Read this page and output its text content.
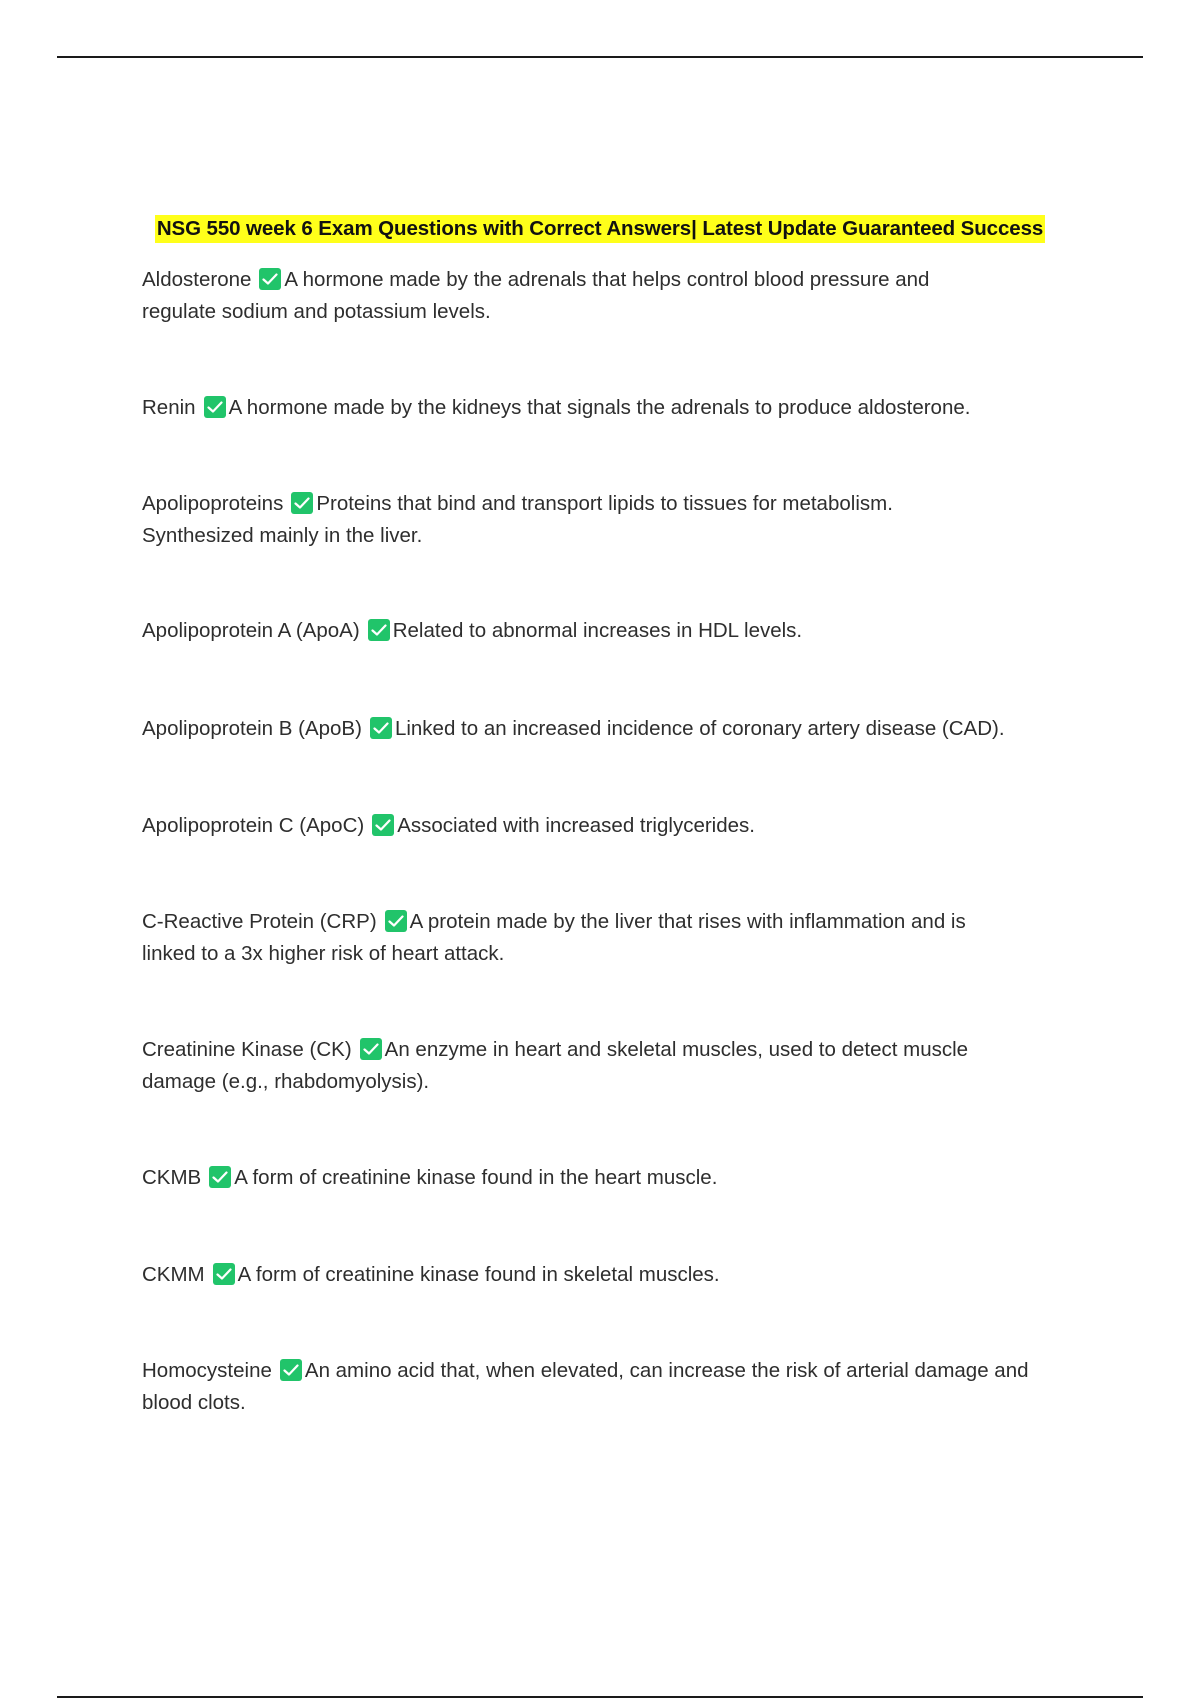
NSG 550 week 6 Exam Questions with Correct Answers| Latest Update Guaranteed Success
Aldosterone A hormone made by the adrenals that helps control blood pressure and regulate sodium and potassium levels.
Renin A hormone made by the kidneys that signals the adrenals to produce aldosterone.
Apolipoproteins Proteins that bind and transport lipids to tissues for metabolism. Synthesized mainly in the liver.
Apolipoprotein A (ApoA) Related to abnormal increases in HDL levels.
Apolipoprotein B (ApoB) Linked to an increased incidence of coronary artery disease (CAD).
Apolipoprotein C (ApoC) Associated with increased triglycerides.
C-Reactive Protein (CRP) A protein made by the liver that rises with inflammation and is linked to a 3x higher risk of heart attack.
Creatinine Kinase (CK) An enzyme in heart and skeletal muscles, used to detect muscle damage (e.g., rhabdomyolysis).
CKMB A form of creatinine kinase found in the heart muscle.
CKMM A form of creatinine kinase found in skeletal muscles.
Homocysteine An amino acid that, when elevated, can increase the risk of arterial damage and blood clots.
